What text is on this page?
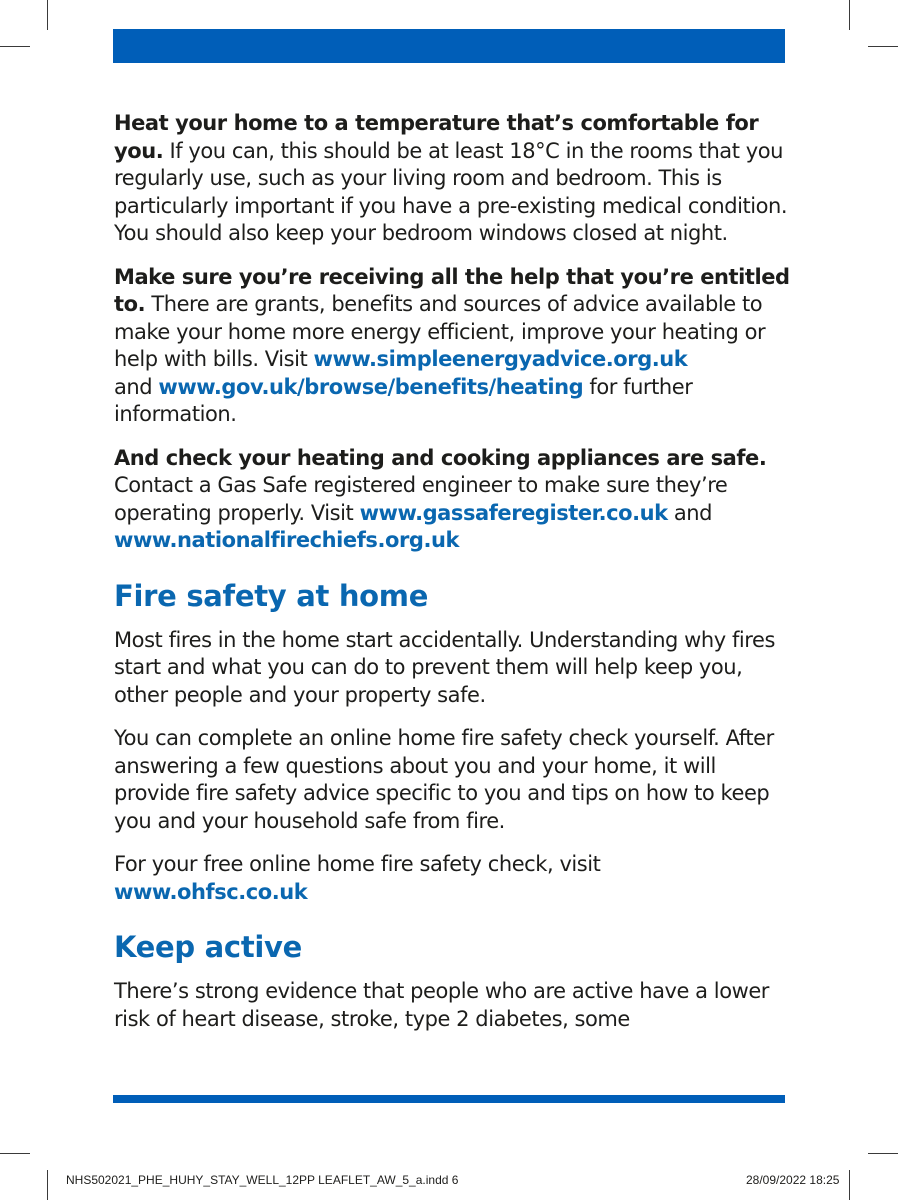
Heat your home to a temperature that’s comfortable for you. If you can, this should be at least 18°C in the rooms that you regularly use, such as your living room and bedroom. This is particularly important if you have a pre-existing medical condition. You should also keep your bedroom windows closed at night.

Make sure you’re receiving all the help that you’re entitled to. There are grants, benefits and sources of advice available to make your home more energy efficient, improve your heating or help with bills. Visit www.simpleenergyadvice.org.uk
and www.gov.uk/browse/benefits/heating for further information.

And check your heating and cooking appliances are safe. Contact a Gas Safe registered engineer to make sure they’re operating properly. Visit www.gassaferegister.co.uk and www.nationalfirechiefs.org.uk

Fire safety at home

Most fires in the home start accidentally. Understanding why fires start and what you can do to prevent them will help keep you, other people and your property safe.

You can complete an online home fire safety check yourself. After answering a few questions about you and your home, it will provide fire safety advice specific to you and tips on how to keep you and your household safe from fire.

For your free online home fire safety check, visit
www.ohfsc.co.uk

Keep active

There’s strong evidence that people who are active have a lower risk of heart disease, stroke, type 2 diabetes, some

NHS502021_PHE_HUHY_STAY_WELL_12PP LEAFLET_AW_5_a.indd 6	28/09/2022 18:25
